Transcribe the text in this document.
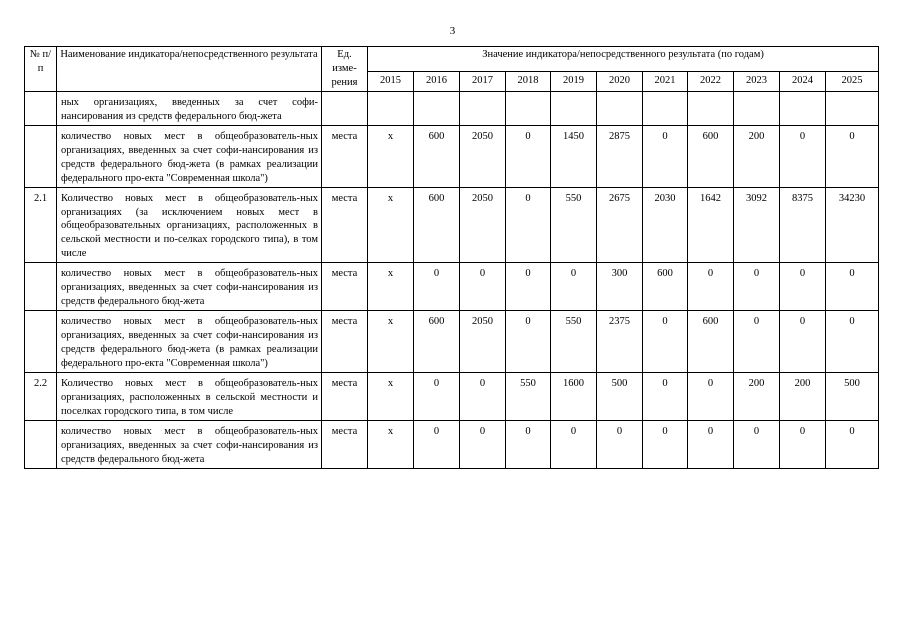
3
№ п/п	Наименование индикатора/непосредственного результата	Ед. изме-рения	Значение индикатора/непосредственного результата (по годам)										
			2015	2016	2017	2018	2019	2020	2021	2022	2023	2024	2025
	ных организациях, введенных за счет софи-нансирования из средств федерального бюд-жета												
	количество новых мест в общеобразователь-ных организациях, введенных за счет софи-нансирования из средств федерального бюд-жета (в рамках реализации федерального про-екта "Современная школа")	места	x	600	2050	0	1450	2875	0	600	200	0	0
2.1	Количество новых мест в общеобразователь-ных организациях (за исключением новых мест в общеобразовательных организациях, расположенных в сельской местности и по-селках городского типа), в том числе	места	x	600	2050	0	550	2675	2030	1642	3092	8375	34230
	количество новых мест в общеобразователь-ных организациях, введенных за счет софи-нансирования из средств федерального бюд-жета	места	x	0	0	0	0	300	600	0	0	0	0
	количество новых мест в общеобразователь-ных организациях, введенных за счет софи-нансирования из средств федерального бюд-жета (в рамках реализации федерального про-екта "Современная школа")	места	x	600	2050	0	550	2375	0	600	0	0	0
2.2	Количество новых мест в общеобразователь-ных организациях, расположенных в сельской местности и поселках городского типа, в том числе	места	x	0	0	550	1600	500	0	0	200	200	500
	количество новых мест в общеобразователь-ных организациях, введенных за счет софи-нансирования из средств федерального бюд-жета	места	x	0	0	0	0	0	0	0	0	0	0
